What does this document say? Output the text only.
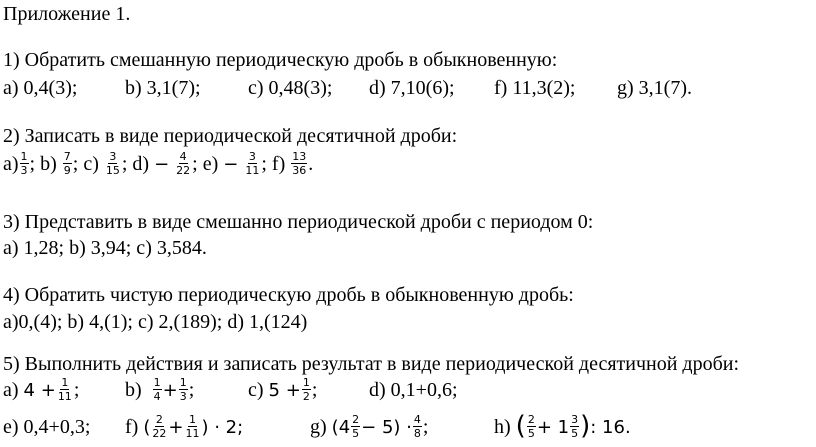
Приложение 1.
1) Обратить смешанную периодическую дробь в обыкновенную:
a) 0,4(3); b) 3,1(7); c) 0,48(3); d) 7,10(6); f) 11,3(2); g) 3,1(7).
2) Записать в виде периодической десятичной дроби:
$a) \frac{1}{3}$ ; $b) \frac{7}{9}$ ; $c) \frac{3}{15}$ ; $d) - \frac{4}{22}$ ; $e) - \frac{3}{11}$ ; $f) \frac{13}{36}$ .
3) Представить в виде смешанно периодической дроби с периодом 0:
a) 1,28; b) 3,94; c) 3,584.
4) Обратить чистую периодическую дробь в обыкновенную дробь:
a)0,(4); b) 4,(1); c) 2,(189); d) 1,(124)
5) Выполнить действия и записать результат в виде периодической десятичной дроби:
a) $4 + \frac{1}{11}$ ; $b) \frac{1}{4} + \frac{1}{3}$ ;	c) $5 + \frac{1}{2}$ ;	d) 0,1+0,6;
e) 0,4+0,3; f) ( $\frac{2}{22} + \frac{1}{11}$ ) ⋅ 2;	g) $(4 \frac{2}{5} - 5) \cdot \frac{4}{8}$ ;	h) ( $\frac{2}{5} + 1 \frac{3}{5}$ ): 16.
